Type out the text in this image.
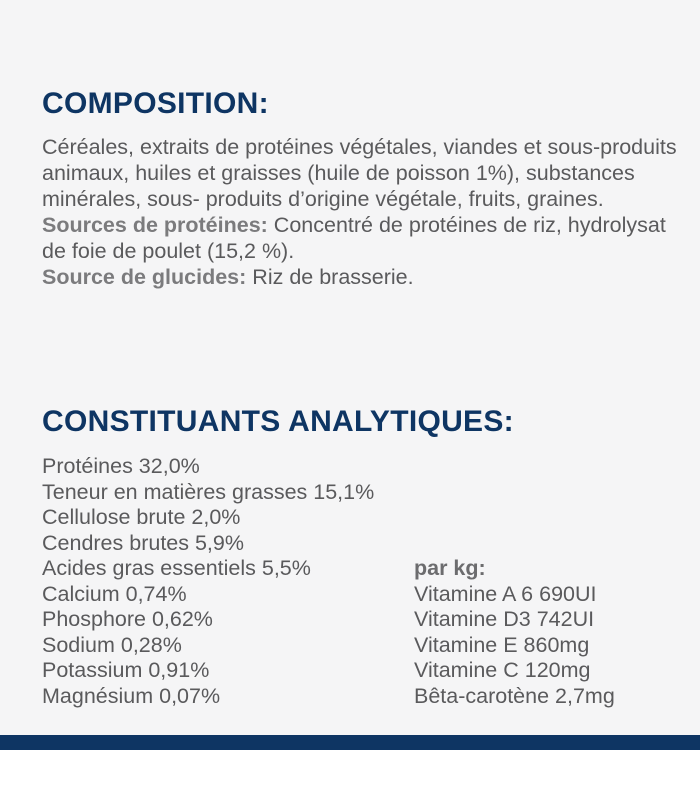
COMPOSITION:

Céréales, extraits de protéines végétales, viandes et sous-produits animaux, huiles et graisses (huile de poisson 1%), substances minérales, sous- produits d’origine végétale, fruits, graines.

Sources de protéines: Concentré de protéines de riz, hydrolysat de foie de poulet (15,2 %).

Source de glucides: Riz de brasserie.

CONSTITUANTS ANALYTIQUES:
Protéines 32,0%
Teneur en matières grasses 15,1%
Cellulose brute 2,0%
Cendres brutes 5,9%
Acides gras essentiels 5,5%
Calcium 0,74%
Phosphore 0,62%
Sodium 0,28%
Potassium 0,91%
Magnésium 0,07%
par kg:
Vitamine A 6 690UI
Vitamine D3 742UI
Vitamine E 860mg
Vitamine C 120mg
Bêta-carotène 2,7mg
